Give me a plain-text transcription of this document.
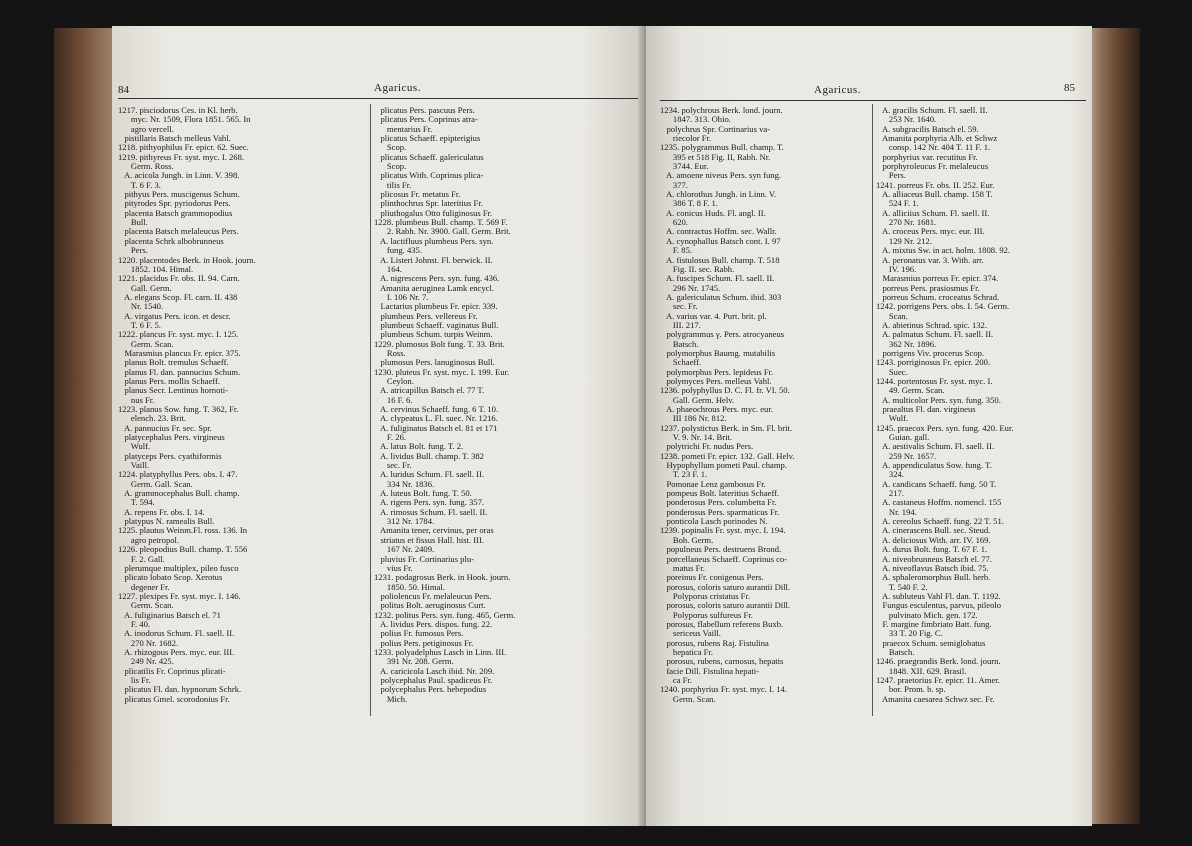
84	Agaricus.
1217. pisciodorus Ces. in Kl. herb.
myc. Nr. 1509, Flora 1851. 565. In
agro vercell.
pistillaris Batsch melleus Vahl.
1218. pithyophilus Fr. epicr. 62. Suec.
1219. pithyreus Fr. syst. myc. I. 268.
Germ. Ross.
A. acicola Jungh. in Linn. V. 398.
T. 6 F. 3.
pithyus Pers. muscigenus Schum.
pityrodes Spr. pyriodorus Pers.
placenta Batsch grammopodius
Bull.
placenta Batsch melaleucus Pers.
placenta Schrk albobrunneus
Pers.
1220. placentodes Berk. in Hook. journ.
1852. 104. Himal.
1221. placidus Fr. obs. II. 94. Carn.
Gall. Germ.
A. elegans Scop. Fl. carn. II. 438
Nr. 1540.
A. virgatus Pers. icon. et descr.
T. 6 F. 5.
1222. plancus Fr. syst. myc. I. 125.
Germ. Scan.
Marasmius plancus Fr. epicr. 375.
planus Bolt. tremulus Schaeff.
planus Fl. dan. pannucius Schum.
planus Pers. mollis Schaeff.
planus Secr. Lentinus hornoti-
nus Fr.
1223. planus Sow. fung. T. 362, Fr.
elench. 23. Brit.
A. pannucius Fr. sec. Spr.
platycephalus Pers. virgineus
Wulf.
platyceps Pers. cyathiformis
Vaill.
1224. platyphyllus Pers. obs. I. 47.
Germ. Gall. Scan.
A. grammocephalus Bull. champ.
T. 594.
A. repens Fr. obs. I. 14.
platypus N. ramealis Bull.
1225. plautus Weinm.Fl. ross. 136. In
agro petropol.
1226. pleopodius Bull. champ. T. 556
F. 2. Gall.
plerumque multiplex, pileo fusco
plicato lobato Scop. Xerotus
degener Fr.
1227. plexipes Fr. syst. myc. I. 146.
Germ. Scan.
A. fuliginarius Batsch el. 71
F. 40.
A. inodorus Schum. Fl. saell. II.
270 Nr. 1682.
A. rhizogous Pers. myc. eur. III.
249 Nr. 425.
plicatilis Fr. Coprinus plicati-
lis Fr.
plicatus Fl. dan. hypnorum Schrk.
plicatus Gmel. scorodonius Fr.
plicatus Pers. pascuus Pers.
plicatus Pers. Coprinus atra-
mentarius Fr.
plicatus Schaeff. epipterigius
Scop.
plicatus Schaeff. galericulatus
Scop.
plicatus With. Coprinus plica-
tilis Fr.
plicosus Fr. metatus Fr.
plinthochrus Spr. lateritius Fr.
pliuthogalus Otto fuliginosus Fr.
1228. plumbeus Bull. champ. T. 569 F.
2. Rabh. Nr. 3900. Gall. Germ. Brit.
A. lactifluus plumbeus Pers. syn.
fung. 435.
A. Listeri Johnst. Fl. berwick. II.
164.
A. nigrescens Pers. syn. fung. 436.
Amanita aeruginea Lamk encycl.
I. 106 Nr. 7.
Lactarius plumbeus Fr. epicr. 339.
plumbeus Pers. vellereus Fr.
plumbeus Schaeff. vaginatus Bull.
plumbeus Schum. turpis Weinm.
1229. plumosus Bolt fung. T. 33. Brit.
Ross.
plumosus Pers. lanuginosus Bull.
1230. pluteus Fr. syst. myc. I. 199. Eur.
Ceylon.
A. atricapillus Batsch el. 77 T.
16 F. 6.
A. cervinus Schaeff. fung. 6 T. 10.
A. clypeatus L. Fl. suec. Nr. 1216.
A. fuliginatus Batsch el. 81 et 171
F. 26.
A. latus Bolt. fung. T. 2.
A. lividus Bull. champ. T. 382
sec. Fr.
A. luridus Schum. Fl. saell. II.
334 Nr. 1836.
A. luteus Bolt. fung. T. 50.
A. rigens Pers. syn. fung. 357.
A. rimosus Schum. Fl. saell. II.
312 Nr. 1784.
Amanita tener, cervinus, per oras
striatus et fissus Hall. hist. III.
167 Nr. 2409.
pluvius Fr. Cortinarius plu-
vius Fr.
1231. podagrosus Berk. in Hook. journ.
1850. 50. Himal.
poliolencus Fr. melaleucus Pers.
politus Bolt. aeruginosus Curt.
1232. politus Pers. syn. fung. 465, Germ.
A. lividus Pers. dispos. fung. 22.
polius Fr. fumosus Pers.
polius Pers. petiginosus Fr.
1233. polyadelphus Lasch in Linn. III.
391 Nr. 208. Germ.
A. caricicola Lasch ibid. Nr. 209.
polycephalus Paul. spadiceus Fr.
polycephalus Pers. hebepodius
Mich.
Agaricus.	85
1234. polychrous Berk. lond. journ.
1847. 313. Ohio.
polychrus Spr. Cortinarius va-
riecolor Fr.
1235. polygrammus Bull. champ. T.
395 et 518 Fig. II, Rabh. Nr.
3744. Eur.
A. amoene niveus Pers. syn fung.
377.
A. chlorothus Jungh. in Linn. V.
386 T. 8 F. 1.
A. conicus Huds. Fl. angl. II.
620.
A. contractus Hoffm. sec. Wallr.
A. cynophallus Batsch cont. I. 97
F. 85.
A. fistulosus Bull. champ. T. 518
Fig. II. sec. Rabh.
A. fuscipes Schum. Fl. saell. II.
296 Nr. 1745.
A. galericulatus Schum. ibid. 303
sec. Fr.
A. varius var. 4. Purt. brit. pl.
III. 217.
polygrammus γ. Pers. atrocyaneus
Batsch.
polymorphus Baumg. mutabilis
Schaeff.
polymorphus Pers. lepideus Fr.
polymyces Pers. melleus Vahl.
1236. polyphyllus D. C. Fl. fr. VI. 50.
Gall. Germ. Helv.
A. phaeochrous Pers. myc. eur.
III 186 Nr. 812.
1237. polystictus Berk. in Sm. Fl. brit.
V. 9. Nr. 14. Brit.
polytrichi Fr. nudus Pers.
1238. pometi Fr. epicr. 132. Gall. Helv.
Hypophyllum pometi Paul. champ.
T. 23 F. 1.
Pomonae Lenz gambosus Fr.
pompeus Bolt. lateritius Schaeff.
ponderosus Pers. columbetta Fr.
ponderosus Pers. sparmaticus Fr.
ponticola Lasch porinodes N.
1239. popinalis Fr. syst. myc. I. 194.
Boh. Germ.
populneus Pers. destruens Brond.
porcellaneus Schaeff. Coprinus co-
matus Fr.
poreinus Fr. conigenus Pers.
porosus, coloris saturo aurantii Dill.
Polyporus cristatus Fr.
porosus, coloris saturo aurantii Dill.
Polyporus sulfureus Fr.
porosus, flabellum referens Buxb.
sericeus Vaill.
porosus, rubens Raj. Fistulina
hepatica Fr.
porosus, rubens, carnosus, hepatis
facie Dill. Fistulina hepati-
ca Fr.
1240. porphyrius Fr. syst. myc. I. 14.
Germ. Scan.
A. gracilis Schum. Fl. saell. II.
253 Nr. 1640.
A. subgracilis Batsch el. 59.
Amanita porphyria Alb. et Schwz
consp. 142 Nr. 404 T. 11 F. 1.
porphyrius var. recutitus Fr.
porphyroleucus Fr. melaleucus
Pers.
1241. porreus Fr. obs. II. 252. Eur.
A. alliaceus Bull. champ. 158 T.
524 F. 1.
A. alliciius Schum. Fl. saell. II.
270 Nr. 1681.
A. croceus Pers. myc. eur. III.
129 Nr. 212.
A. mixtus Sw. in act. holm. 1808. 92.
A. peronatus var. 3. With. arr.
IV. 196.
Marasmius porreus Fr. epicr. 374.
porreus Pers. prasiosmus Fr.
porreus Schum. croceatus Schrad.
1242. porrigens Pers. obs. I. 54. Germ.
Scan.
A. abietinus Schrad. spic. 132.
A. palmatus Schum. Fl. saell. II.
362 Nr. 1896.
porrigens Viv. procerus Scop.
1243. porriginosus Fr. epicr. 200.
Suec.
1244. portentosus Fr. syst. myc. I.
49. Germ. Scan.
A. multicolor Pers. syn. fung. 350.
praealtus Fl. dan. virgineus
Wulf.
1245. praecox Pers. syn. fung. 420. Eur.
Guian. gall.
A. aestivalis Schum. Fl. saell. II.
259 Nr. 1657.
A. appendiculatus Sow. fung. T.
324.
A. candicans Schaeff. fung. 50 T.
217.
A. castaneus Hoffm. nomencl. 155
Nr. 194.
A. cereolus Schaeff. fung. 22 T. 51.
A. cinerascens Bull. sec. Steud.
A. deliciosus With. arr. IV. 169.
A. durus Bolt. fung. T. 67 F. 1.
A. niveobrunneus Batsch el. 77.
A. niveoflavus Batsch ibid. 75.
A. sphaleromorphus Bull. herb.
T. 540 F. 2.
A. subluteus Vahl Fl. dan. T. 1192.
Fungus esculentus, parvus, pileolo
pulvinato Mich. gen. 172.
F. margine fimbriato Batt. fung.
33 T. 20 Fig. C.
praecox Schum. semiglobatus
Batsch.
1246. praegrandis Berk. lond. journ.
1848. XII. 629. Brasil.
1247. praetorius Fr. epicr. 11. Amer.
bor. Prom. b. sp.
Amanita caesarea Schwz sec. Fr.
